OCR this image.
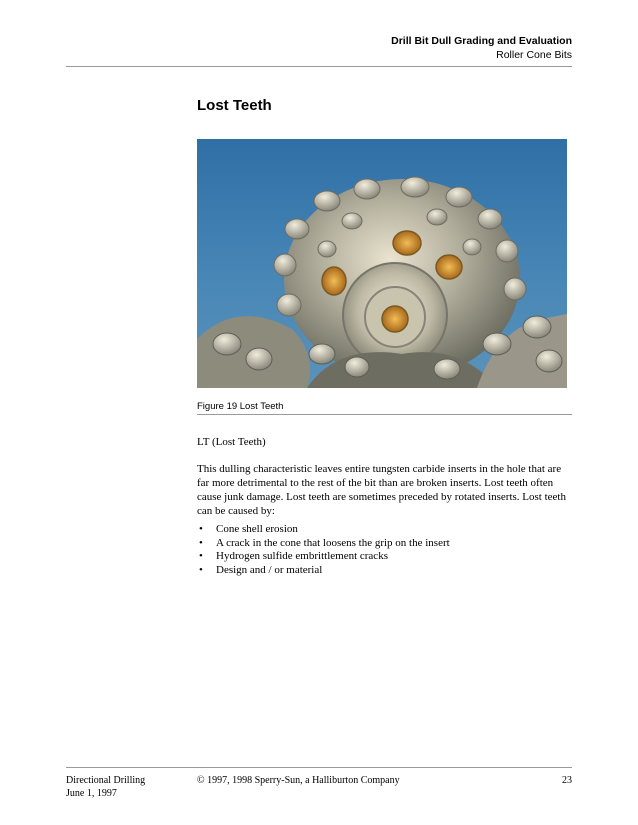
Drill Bit Dull Grading and Evaluation
Roller Cone Bits
Lost Teeth
Figure 19 Lost Teeth
LT (Lost Teeth)
This dulling characteristic leaves entire tungsten carbide inserts in the hole that are far more detrimental to the rest of the bit than are broken inserts. Lost teeth often cause junk damage. Lost teeth are sometimes preceded by rotated inserts. Lost teeth can be caused by:
• Cone shell erosion
• A crack in the cone that loosens the grip on the insert
• Hydrogen sulfide embrittlement cracks
• Design and / or material
Directional Drilling
June 1, 1997
© 1997, 1998 Sperry-Sun, a Halliburton Company	23
